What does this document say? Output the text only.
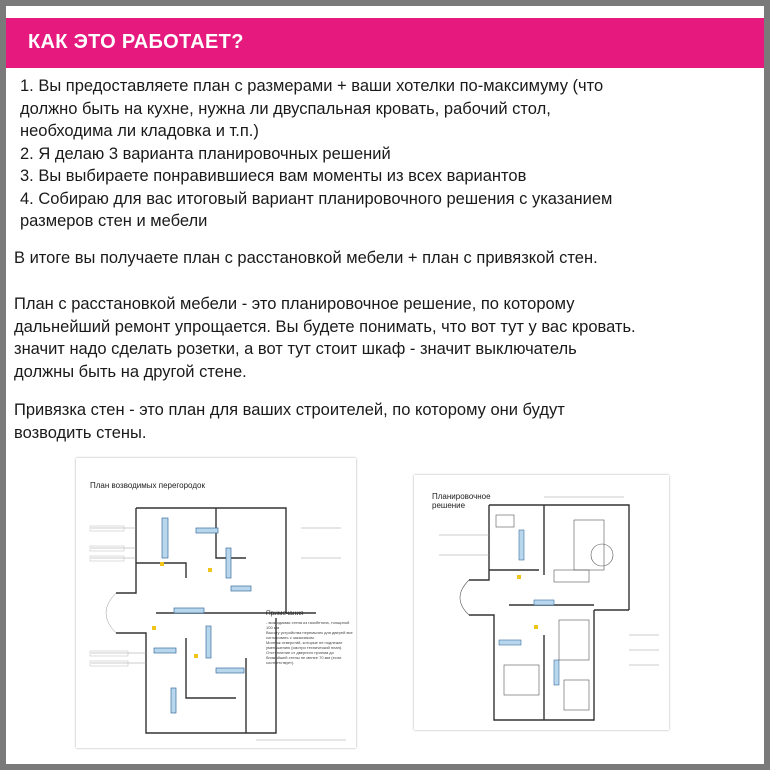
КАК ЭТО РАБОТАЕТ?
1. Вы предоставляете план с размерами + ваши хотелки по-максимуму (что
должно быть на кухне, нужна ли двуспальная кровать, рабочий стол,
необходима ли кладовка и т.п.)
2. Я делаю 3 варианта планировочных решений
3. Вы выбираете понравившиеся вам моменты из всех вариантов
4. Собираю для вас итоговый вариант планировочного решения с указанием
размеров стен и мебели
В итоге вы получаете план с расстановкой мебели + план с привязкой стен.
План с расстановкой мебели - это планировочное решение, по которому
дальнейший ремонт упрощается. Вы будете понимать, что вот тут у вас кровать.
значит надо сделать розетки, а вот тут стоит шкаф - значит выключатель
должны быть на другой стене.
Привязка стен - это план для ваших строителей, по которому они будут
возводить стены.
План возводимых перегородок
Примечания
- возводимая стена из газобетона, толщиной 100 мм
Высоту устройства перемычек для дверей все согласовать с заказчиком.
Монтаж отверстий, которые не подлежат уменьшению (смотри технический план).
Отступление от дверного проема до ближайшей стены не менее 70 мм (если соответствует).
Планировочное
решение
